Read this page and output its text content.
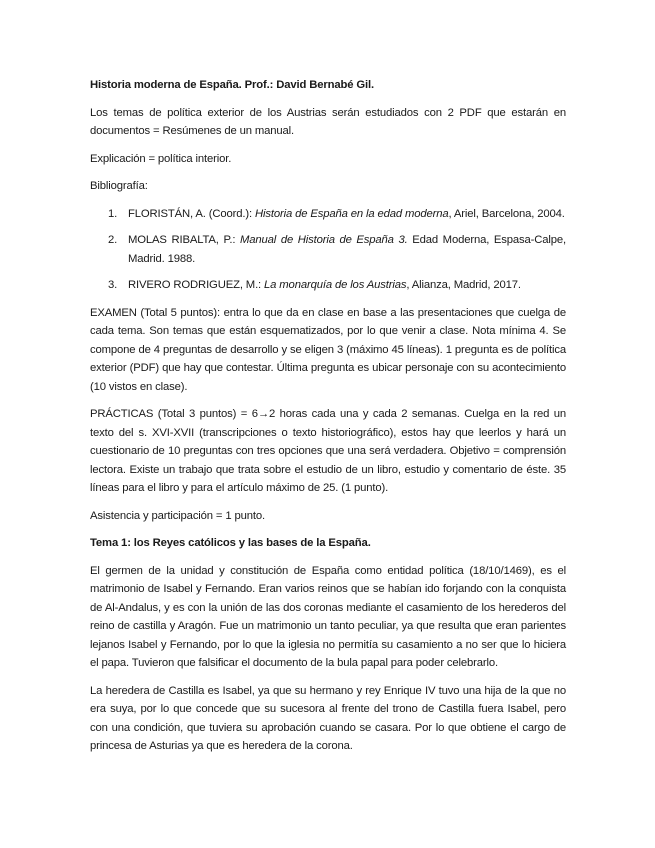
Historia moderna de España. Prof.: David Bernabé Gil.

Los temas de política exterior de los Austrias serán estudiados con 2 PDF que estarán en documentos = Resúmenes de un manual.

Explicación = política interior.

Bibliografía:

1. FLORISTÁN, A. (Coord.): Historia de España en la edad moderna, Ariel, Barcelona, 2004.
2. MOLAS RIBALTA, P.: Manual de Historia de España 3. Edad Moderna, Espasa-Calpe, Madrid. 1988.
3. RIVERO RODRIGUEZ, M.: La monarquía de los Austrias, Alianza, Madrid, 2017.

EXAMEN (Total 5 puntos): entra lo que da en clase en base a las presentaciones que cuelga de cada tema. Son temas que están esquematizados, por lo que venir a clase. Nota mínima 4. Se compone de 4 preguntas de desarrollo y se eligen 3 (máximo 45 líneas). 1 pregunta es de política exterior (PDF) que hay que contestar. Última pregunta es ubicar personaje con su acontecimiento (10 vistos en clase).

PRÁCTICAS (Total 3 puntos) = 6→2 horas cada una y cada 2 semanas. Cuelga en la red un texto del s. XVI-XVII (transcripciones o texto historiográfico), estos hay que leerlos y hará un cuestionario de 10 preguntas con tres opciones que una será verdadera. Objetivo = comprensión lectora. Existe un trabajo que trata sobre el estudio de un libro, estudio y comentario de éste. 35 líneas para el libro y para el artículo máximo de 25. (1 punto).

Asistencia y participación = 1 punto.

Tema 1: los Reyes católicos y las bases de la España.

El germen de la unidad y constitución de España como entidad política (18/10/1469), es el matrimonio de Isabel y Fernando. Eran varios reinos que se habían ido forjando con la conquista de Al-Andalus, y es con la unión de las dos coronas mediante el casamiento de los herederos del reino de castilla y Aragón. Fue un matrimonio un tanto peculiar, ya que resulta que eran parientes lejanos Isabel y Fernando, por lo que la iglesia no permitía su casamiento a no ser que lo hiciera el papa. Tuvieron que falsificar el documento de la bula papal para poder celebrarlo.

La heredera de Castilla es Isabel, ya que su hermano y rey Enrique IV tuvo una hija de la que no era suya, por lo que concede que su sucesora al frente del trono de Castilla fuera Isabel, pero con una condición, que tuviera su aprobación cuando se casara. Por lo que obtiene el cargo de princesa de Asturias ya que es heredera de la corona.
